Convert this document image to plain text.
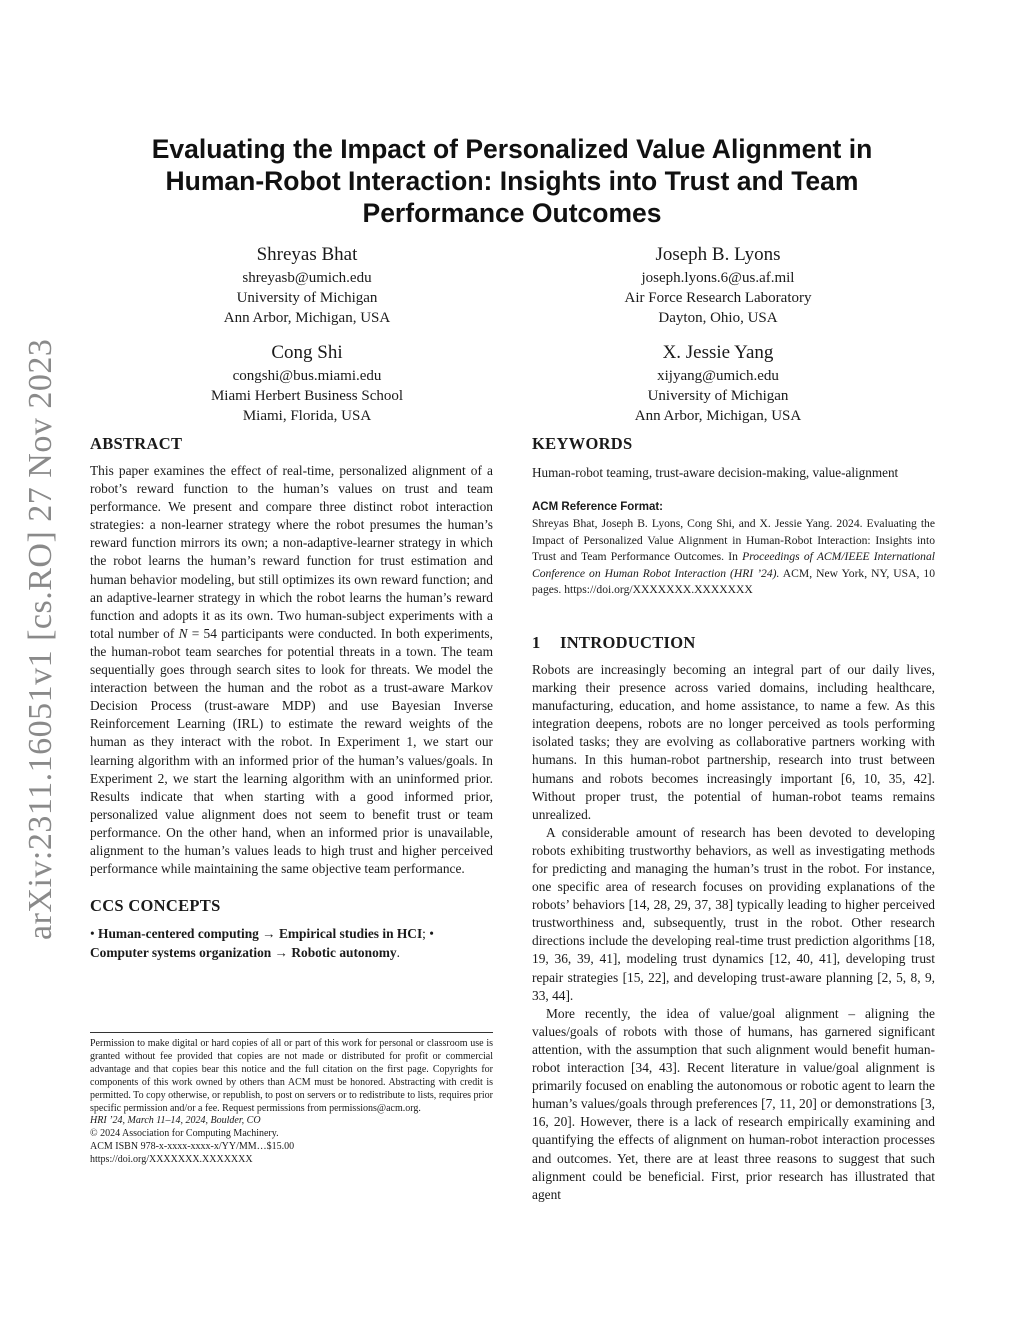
arXiv:2311.16051v1 [cs.RO] 27 Nov 2023
Evaluating the Impact of Personalized Value Alignment in
Human-Robot Interaction: Insights into Trust and Team
Performance Outcomes
Shreyas Bhat
shreyasb@umich.edu
University of Michigan
Ann Arbor, Michigan, USA
Joseph B. Lyons
joseph.lyons.6@us.af.mil
Air Force Research Laboratory
Dayton, Ohio, USA
Cong Shi
congshi@bus.miami.edu
Miami Herbert Business School
Miami, Florida, USA
X. Jessie Yang
xijyang@umich.edu
University of Michigan
Ann Arbor, Michigan, USA
ABSTRACT

This paper examines the effect of real-time, personalized alignment of a robot’s reward function to the human’s values on trust and team performance. We present and compare three distinct robot interaction strategies: a non-learner strategy where the robot presumes the human’s reward function mirrors its own; a non-adaptive-learner strategy in which the robot learns the human’s reward function for trust estimation and human behavior modeling, but still optimizes its own reward function; and an adaptive-learner strategy in which the robot learns the human’s reward function and adopts it as its own. Two human-subject experiments with a total number of N = 54 participants were conducted. In both experiments, the human-robot team searches for potential threats in a town. The team sequentially goes through search sites to look for threats. We model the interaction between the human and the robot as a trust-aware Markov Decision Process (trust-aware MDP) and use Bayesian Inverse Reinforcement Learning (IRL) to estimate the reward weights of the human as they interact with the robot. In Experiment 1, we start our learning algorithm with an informed prior of the human’s values/goals. In Experiment 2, we start the learning algorithm with an uninformed prior. Results indicate that when starting with a good informed prior, personalized value alignment does not seem to benefit trust or team performance. On the other hand, when an informed prior is unavailable, alignment to the human’s values leads to high trust and higher perceived performance while maintaining the same objective team performance.

CCS CONCEPTS

• Human-centered computing → Empirical studies in HCI; • Computer systems organization → Robotic autonomy.

Permission to make digital or hard copies of all or part of this work for personal or classroom use is granted without fee provided that copies are not made or distributed for profit or commercial advantage and that copies bear this notice and the full citation on the first page. Copyrights for components of this work owned by others than ACM must be honored. Abstracting with credit is permitted. To copy otherwise, or republish, to post on servers or to redistribute to lists, requires prior specific permission and/or a fee. Request permissions from permissions@acm.org.

HRI ’24, March 11–14, 2024, Boulder, CO

© 2024 Association for Computing Machinery.

ACM ISBN 978-x-xxxx-xxxx-x/YY/MM…$15.00

https://doi.org/XXXXXXX.XXXXXXX

KEYWORDS

Human-robot teaming, trust-aware decision-making, value-alignment

ACM Reference Format:

Shreyas Bhat, Joseph B. Lyons, Cong Shi, and X. Jessie Yang. 2024. Evaluating the Impact of Personalized Value Alignment in Human-Robot Interaction: Insights into Trust and Team Performance Outcomes. In Proceedings of ACM/IEEE International Conference on Human Robot Interaction (HRI ’24). ACM, New York, NY, USA, 10 pages. https://doi.org/XXXXXXX.XXXXXXX

1 INTRODUCTION

Robots are increasingly becoming an integral part of our daily lives, marking their presence across varied domains, including healthcare, manufacturing, education, and home assistance, to name a few. As this integration deepens, robots are no longer perceived as tools performing isolated tasks; they are evolving as collaborative partners working with humans. In this human-robot partnership, research into trust between humans and robots becomes increasingly important [6, 10, 35, 42]. Without proper trust, the potential of human-robot teams remains unrealized.

A considerable amount of research has been devoted to developing robots exhibiting trustworthy behaviors, as well as investigating methods for predicting and managing the human’s trust in the robot. For instance, one specific area of research focuses on providing explanations of the robots’ behaviors [14, 28, 29, 37, 38] typically leading to higher perceived trustworthiness and, subsequently, trust in the robot. Other research directions include the developing real-time trust prediction algorithms [18, 19, 36, 39, 41], modeling trust dynamics [12, 40, 41], developing trust repair strategies [15, 22], and developing trust-aware planning [2, 5, 8, 9, 33, 44].

More recently, the idea of value/goal alignment – aligning the values/goals of robots with those of humans, has garnered significant attention, with the assumption that such alignment would benefit human-robot interaction [34, 43]. Recent literature in value/goal alignment is primarily focused on enabling the autonomous or robotic agent to learn the human’s values/goals through preferences [7, 11, 20] or demonstrations [3, 16, 20]. However, there is a lack of research empirically examining and quantifying the effects of alignment on human-robot interaction processes and outcomes. Yet, there are at least three reasons to suggest that such alignment could be beneficial. First, prior research has illustrated that agent
